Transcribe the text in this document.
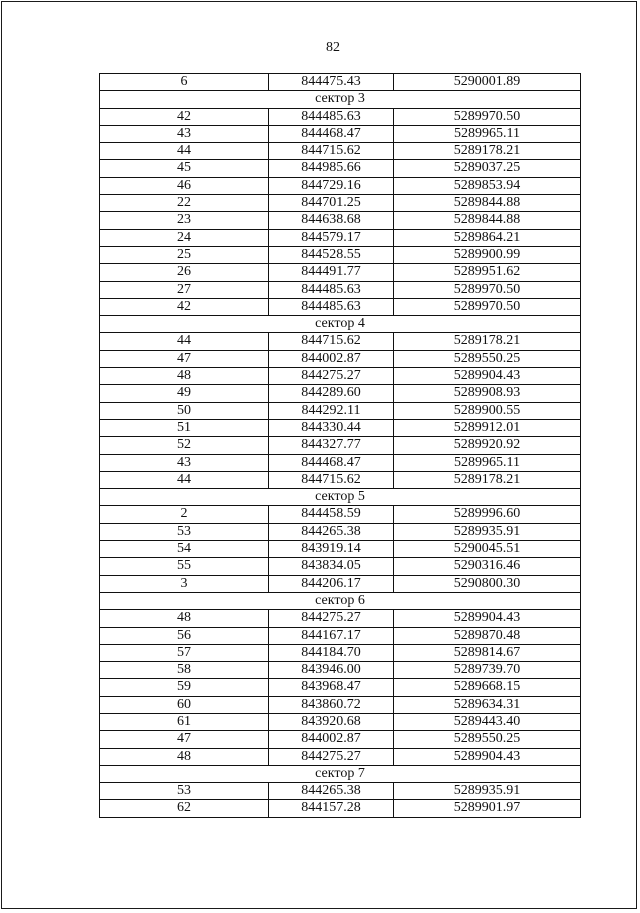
82
6	844475.43	5290001.89
сектор 3
42	844485.63	5289970.50
43	844468.47	5289965.11
44	844715.62	5289178.21
45	844985.66	5289037.25
46	844729.16	5289853.94
22	844701.25	5289844.88
23	844638.68	5289844.88
24	844579.17	5289864.21
25	844528.55	5289900.99
26	844491.77	5289951.62
27	844485.63	5289970.50
42	844485.63	5289970.50
сектор 4
44	844715.62	5289178.21
47	844002.87	5289550.25
48	844275.27	5289904.43
49	844289.60	5289908.93
50	844292.11	5289900.55
51	844330.44	5289912.01
52	844327.77	5289920.92
43	844468.47	5289965.11
44	844715.62	5289178.21
сектор 5
2	844458.59	5289996.60
53	844265.38	5289935.91
54	843919.14	5290045.51
55	843834.05	5290316.46
3	844206.17	5290800.30
сектор 6
48	844275.27	5289904.43
56	844167.17	5289870.48
57	844184.70	5289814.67
58	843946.00	5289739.70
59	843968.47	5289668.15
60	843860.72	5289634.31
61	843920.68	5289443.40
47	844002.87	5289550.25
48	844275.27	5289904.43
сектор 7
53	844265.38	5289935.91
62	844157.28	5289901.97
